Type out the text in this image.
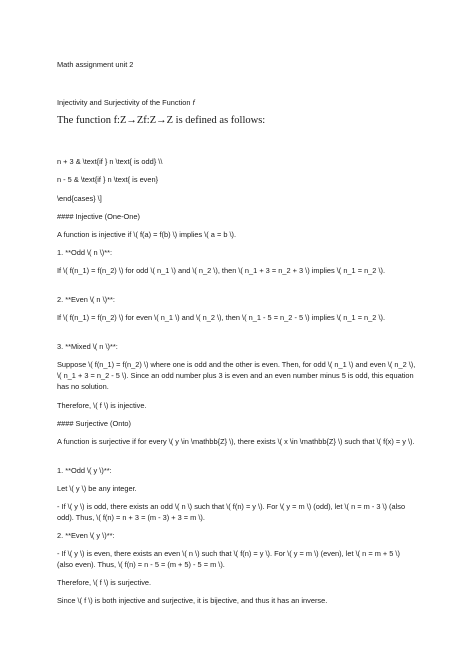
Math assignment unit 2
Injectivity and Surjectivity of the Function f
The function f:Z→Zf:Z→Z is defined as follows:
n + 3 & \text{if } n \text{ is odd} \\
n - 5 & \text{if } n \text{ is even}
\end{cases} \]
#### Injective (One-One)
A function is injective if \( f(a) = f(b) \) implies \( a = b \).
1. **Odd \( n \)**:
If \( f(n_1) = f(n_2) \) for odd \( n_1 \) and \( n_2 \), then \( n_1 + 3 = n_2 + 3 \) implies \( n_1 = n_2 \).
2. **Even \( n \)**:
If \( f(n_1) = f(n_2) \) for even \( n_1 \) and \( n_2 \), then \( n_1 - 5 = n_2 - 5 \) implies \( n_1 = n_2 \).
3. **Mixed \( n \)**:
Suppose \( f(n_1) = f(n_2) \) where one is odd and the other is even. Then, for odd \( n_1 \) and even \( n_2 \), \( n_1 + 3 = n_2 - 5 \). Since an odd number plus 3 is even and an even number minus 5 is odd, this equation has no solution.
Therefore, \( f \) is injective.
#### Surjective (Onto)
A function is surjective if for every \( y \in \mathbb{Z} \), there exists \( x \in \mathbb{Z} \) such that \( f(x) = y \).
1. **Odd \( y \)**:
Let \( y \) be any integer.
- If \( y \) is odd, there exists an odd \( n \) such that \( f(n) = y \). For \( y = m \) (odd), let \( n = m - 3 \) (also odd). Thus, \( f(n) = n + 3 = (m - 3) + 3 = m \).
2. **Even \( y \)**:
- If \( y \) is even, there exists an even \( n \) such that \( f(n) = y \). For \( y = m \) (even), let \( n = m + 5 \) (also even). Thus, \( f(n) = n - 5 = (m + 5) - 5 = m \).
Therefore, \( f \) is surjective.
Since \( f \) is both injective and surjective, it is bijective, and thus it has an inverse.
